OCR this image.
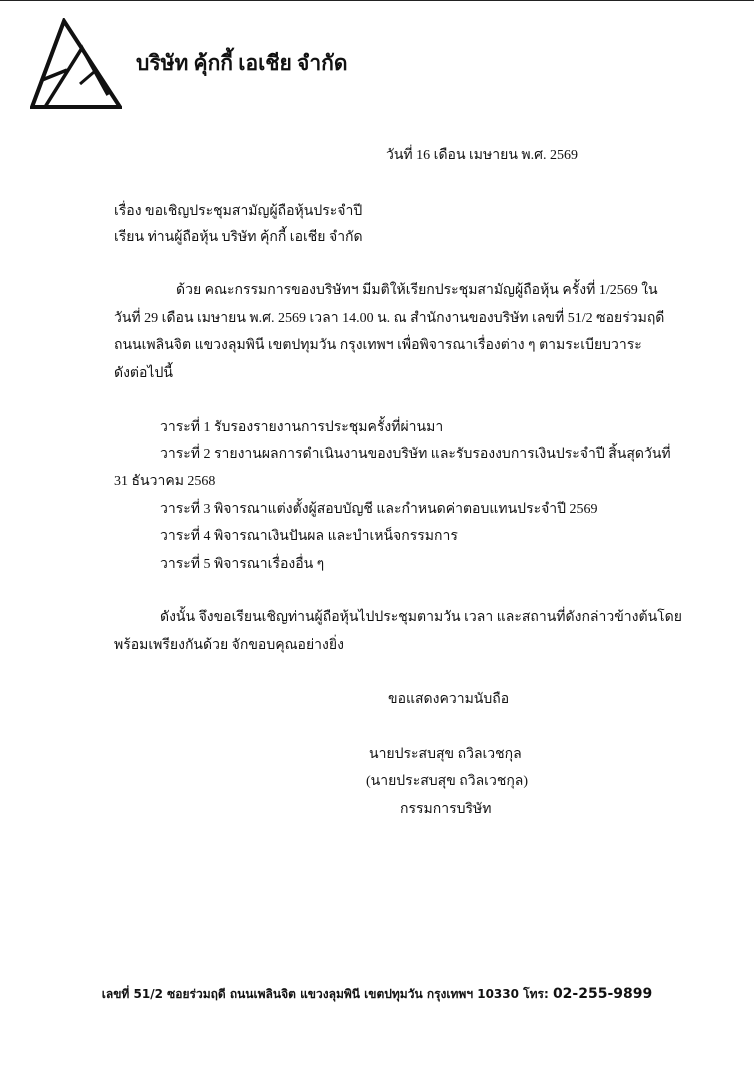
บริษัท คุ้กกี้ เอเชีย จำกัด
วันที่ 16 เดือน เมษายน พ.ศ. 2569
เรื่อง ขอเชิญประชุมสามัญผู้ถือหุ้นประจำปี
เรียน ท่านผู้ถือหุ้น บริษัท คุ้กกี้ เอเชีย จำกัด
ด้วย คณะกรรมการของบริษัทฯ มีมติให้เรียกประชุมสามัญผู้ถือหุ้น ครั้งที่ 1/2569 ใน
วันที่ 29 เดือน เมษายน พ.ศ. 2569 เวลา 14.00 น. ณ สำนักงานของบริษัท เลขที่ 51/2 ซอยร่วมฤดี
ถนนเพลินจิต แขวงลุมพินี เขตปทุมวัน กรุงเทพฯ เพื่อพิจารณาเรื่องต่าง ๆ ตามระเบียบวาระ
ดังต่อไปนี้
วาระที่ 1 รับรองรายงานการประชุมครั้งที่ผ่านมา
วาระที่ 2 รายงานผลการดำเนินงานของบริษัท และรับรองงบการเงินประจำปี สิ้นสุดวันที่
31 ธันวาคม 2568
วาระที่ 3 พิจารณาแต่งตั้งผู้สอบบัญชี และกำหนดค่าตอบแทนประจำปี 2569
วาระที่ 4 พิจารณาเงินปันผล และบำเหน็จกรรมการ
วาระที่ 5 พิจารณาเรื่องอื่น ๆ
ดังนั้น จึงขอเรียนเชิญท่านผู้ถือหุ้นไปประชุมตามวัน เวลา และสถานที่ดังกล่าวข้างต้นโดย
พร้อมเพรียงกันด้วย จักขอบคุณอย่างยิ่ง
ขอแสดงความนับถือ
นายประสบสุข ถวิลเวชกุล
(นายประสบสุข ถวิลเวชกุล)
กรรมการบริษัท
เลขที่ 51/2 ซอยร่วมฤดี ถนนเพลินจิต แขวงลุมพินี เขตปทุมวัน กรุงเทพฯ 10330 โทร: 02-255-9899
